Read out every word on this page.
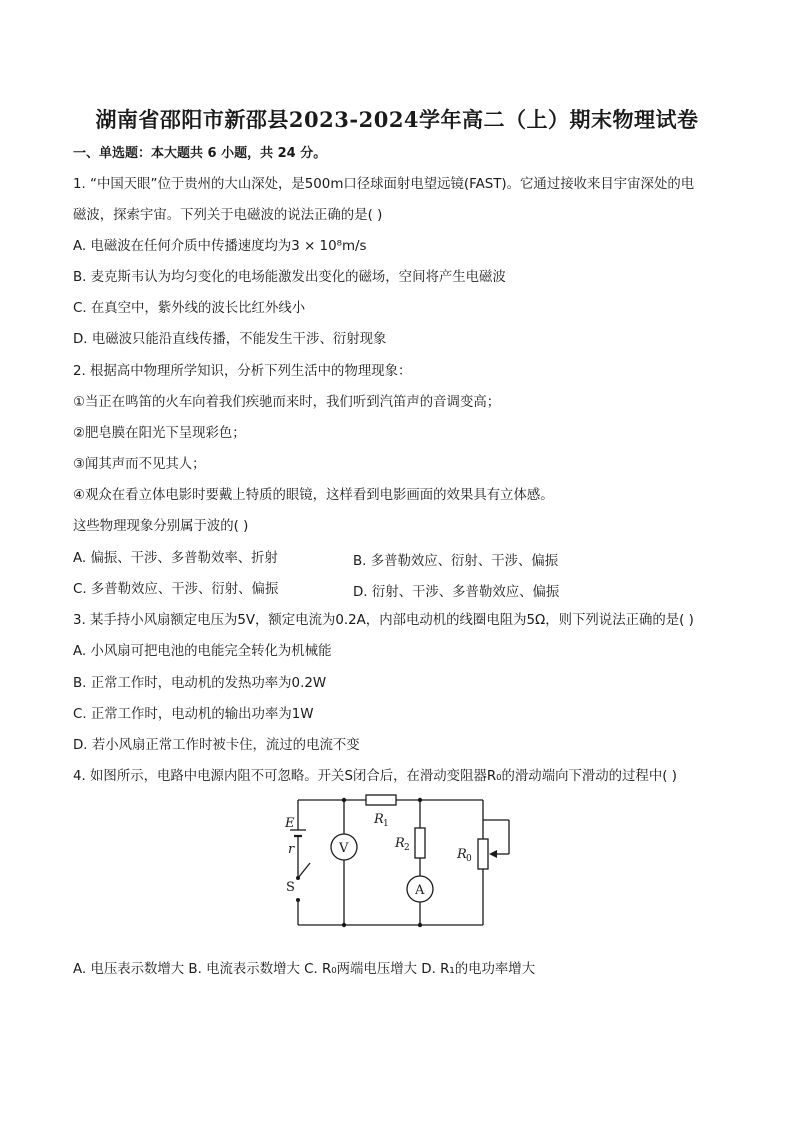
湖南省邵阳市新邵县2023-2024学年高二（上）期末物理试卷
一、单选题：本大题共 6 小题，共 24 分。
1. “中国天眼”位于贵州的大山深处，是500m口径球面射电望远镜(FAST)。它通过接收来目宇宙深处的电
磁波，探索宇宙。下列关于电磁波的说法正确的是( )
A. 电磁波在任何介质中传播速度均为3 × 10⁸m/s
B. 麦克斯韦认为均匀变化的电场能激发出变化的磁场，空间将产生电磁波
C. 在真空中，紫外线的波长比红外线小
D. 电磁波只能沿直线传播，不能发生干涉、衍射现象
2. 根据高中物理所学知识，分析下列生活中的物理现象：
①当正在鸣笛的火车向着我们疾驰而来时，我们听到汽笛声的音调变高；
②肥皂膜在阳光下呈现彩色；
③闻其声而不见其人；
④观众在看立体电影时要戴上特质的眼镜，这样看到电影画面的效果具有立体感。
这些物理现象分别属于波的( )
A. 偏振、干涉、多普勒效率、折射	B. 多普勒效应、衍射、干涉、偏振
C. 多普勒效应、干涉、衍射、偏振	D. 衍射、干涉、多普勒效应、偏振
3. 某手持小风扇额定电压为5V，额定电流为0.2A，内部电动机的线圈电阻为5Ω，则下列说法正确的是( )
A. 小风扇可把电池的电能完全转化为机械能
B. 正常工作时，电动机的发热功率为0.2W
C. 正常工作时，电动机的输出功率为1W
D. 若小风扇正常工作时被卡住，流过的电流不变
4. 如图所示，电路中电源内阻不可忽略。开关S闭合后，在滑动变阻器R₀的滑动端向下滑动的过程中( )
E
r
S
V
A
R 1
R 2	R 0
A. 电压表示数增大 B. 电流表示数增大 C. R₀两端电压增大 D. R₁的电功率增大
